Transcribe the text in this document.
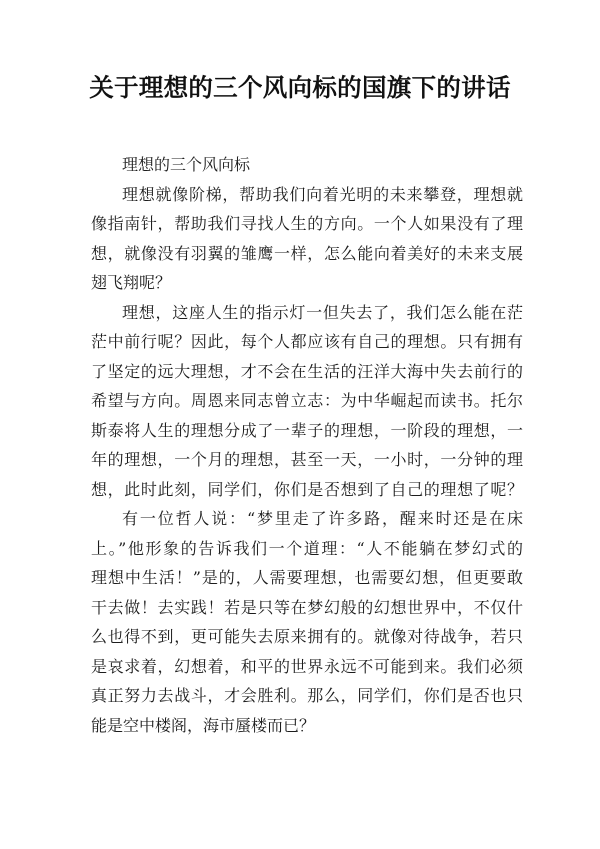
关于理想的三个风向标的国旗下的讲话
理想的三个风向标
理想就像阶梯，帮助我们向着光明的未来攀登，理想就
像指南针，帮助我们寻找人生的方向。一个人如果没有了理
想，就像没有羽翼的雏鹰一样，怎么能向着美好的未来支展
翅飞翔呢？
理想，这座人生的指示灯一但失去了，我们怎么能在茫
茫中前行呢？因此，每个人都应该有自己的理想。只有拥有
了坚定的远大理想，才不会在生活的汪洋大海中失去前行的
希望与方向。周恩来同志曾立志：为中华崛起而读书。托尔
斯泰将人生的理想分成了一辈子的理想，一阶段的理想，一
年的理想，一个月的理想，甚至一天，一小时，一分钟的理
想，此时此刻，同学们，你们是否想到了自己的理想了呢？
有一位哲人说：“梦里走了许多路，醒来时还是在床
上。”他形象的告诉我们一个道理：“人不能躺在梦幻式的
理想中生活！”是的，人需要理想，也需要幻想，但更要敢
干去做！去实践！若是只等在梦幻般的幻想世界中，不仅什
么也得不到，更可能失去原来拥有的。就像对待战争，若只
是哀求着，幻想着，和平的世界永远不可能到来。我们必须
真正努力去战斗，才会胜利。那么，同学们，你们是否也只
能是空中楼阁，海市蜃楼而已？
